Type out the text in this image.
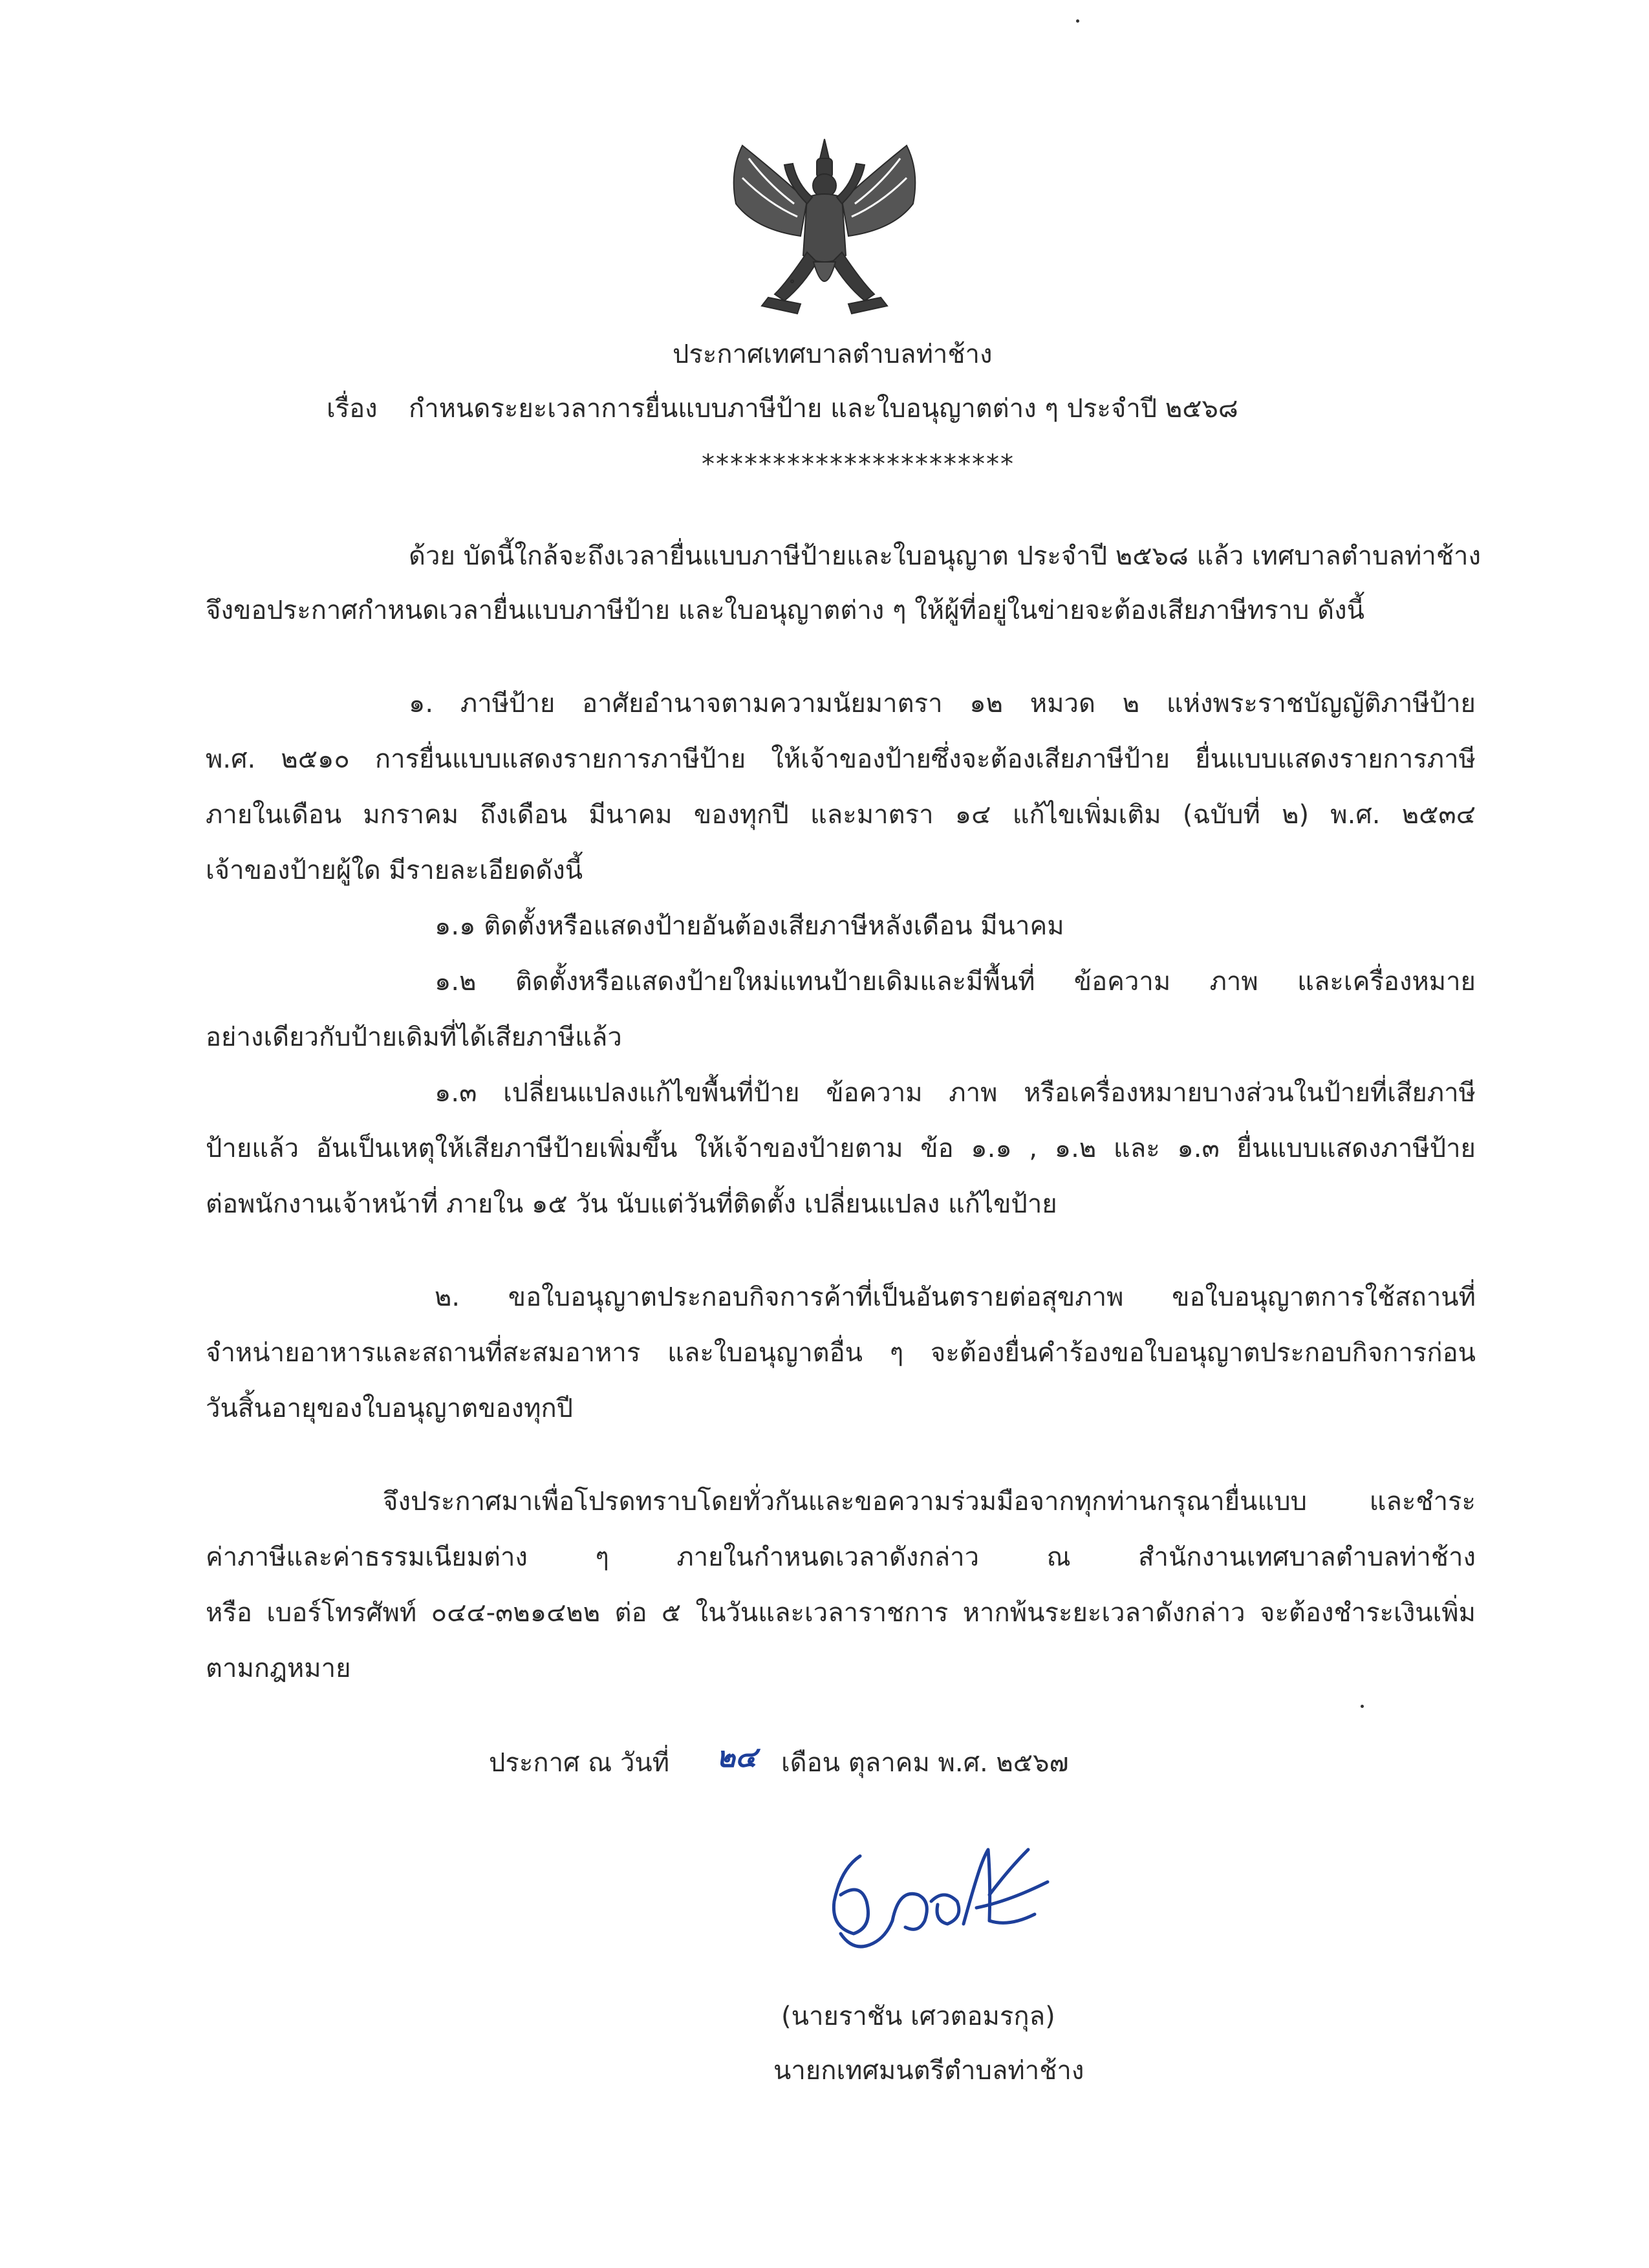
ประกาศเทศบาลตำบลท่าช้าง
เรื่อง กำหนดระยะเวลาการยื่นแบบภาษีป้าย และใบอนุญาตต่าง ๆ ประจำปี ๒๕๖๘
**********************
ด้วย บัดนี้ใกล้จะถึงเวลายื่นแบบภาษีป้ายและใบอนุญาต ประจำปี ๒๕๖๘ แล้ว เทศบาลตำบลท่าช้าง
จึงขอประกาศกำหนดเวลายื่นแบบภาษีป้าย และใบอนุญาตต่าง ๆ ให้ผู้ที่อยู่ในข่ายจะต้องเสียภาษีทราบ ดังนี้
๑. ภาษีป้าย อาศัยอำนาจตามความนัยมาตรา ๑๒ หมวด ๒ แห่งพระราชบัญญัติภาษีป้าย
พ.ศ. ๒๕๑๐ การยื่นแบบแสดงรายการภาษีป้าย ให้เจ้าของป้ายซึ่งจะต้องเสียภาษีป้าย ยื่นแบบแสดงรายการภาษี
ภายในเดือน มกราคม ถึงเดือน มีนาคม ของทุกปี และมาตรา ๑๔ แก้ไขเพิ่มเติม (ฉบับที่ ๒) พ.ศ. ๒๕๓๔
เจ้าของป้ายผู้ใด มีรายละเอียดดังนี้
๑.๑ ติดตั้งหรือแสดงป้ายอันต้องเสียภาษีหลังเดือน มีนาคม
๑.๒ ติดตั้งหรือแสดงป้ายใหม่แทนป้ายเดิมและมีพื้นที่ ข้อความ ภาพ และเครื่องหมาย
อย่างเดียวกับป้ายเดิมที่ได้เสียภาษีแล้ว
๑.๓ เปลี่ยนแปลงแก้ไขพื้นที่ป้าย ข้อความ ภาพ หรือเครื่องหมายบางส่วนในป้ายที่เสียภาษี
ป้ายแล้ว อันเป็นเหตุให้เสียภาษีป้ายเพิ่มขึ้น ให้เจ้าของป้ายตาม ข้อ ๑.๑ , ๑.๒ และ ๑.๓ ยื่นแบบแสดงภาษีป้าย
ต่อพนักงานเจ้าหน้าที่ ภายใน ๑๕ วัน นับแต่วันที่ติดตั้ง เปลี่ยนแปลง แก้ไขป้าย
๒. ขอใบอนุญาตประกอบกิจการค้าที่เป็นอันตรายต่อสุขภาพ ขอใบอนุญาตการใช้สถานที่
จำหน่ายอาหารและสถานที่สะสมอาหาร และใบอนุญาตอื่น ๆ จะต้องยื่นคำร้องขอใบอนุญาตประกอบกิจการก่อน
วันสิ้นอายุของใบอนุญาตของทุกปี
จึงประกาศมาเพื่อโปรดทราบโดยทั่วกันและขอความร่วมมือจากทุกท่านกรุณายื่นแบบ และชำระ
ค่าภาษีและค่าธรรมเนียมต่าง ๆ ภายในกำหนดเวลาดังกล่าว ณ สำนักงานเทศบาลตำบลท่าช้าง
หรือ เบอร์โทรศัพท์ ๐๔๔-๓๒๑๔๒๒ ต่อ ๕ ในวันและเวลาราชการ หากพ้นระยะเวลาดังกล่าว จะต้องชำระเงินเพิ่ม
ตามกฎหมาย
ประกาศ ณ วันที่ ๒๔ เดือน ตุลาคม พ.ศ. ๒๕๖๗
(นายราชัน เศวตอมรกุล)
นายกเทศมนตรีตำบลท่าช้าง
